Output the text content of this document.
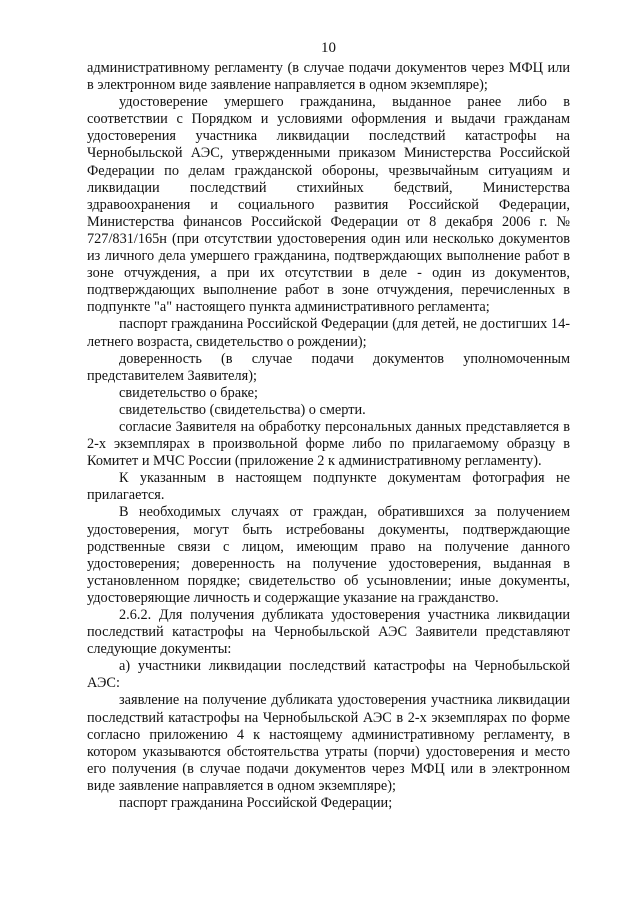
10

административному регламенту (в случае подачи документов через МФЦ или в электронном виде заявление направляется в одном экземпляре);

удостоверение умершего гражданина, выданное ранее либо в соответствии с Порядком и условиями оформления и выдачи гражданам удостоверения участника ликвидации последствий катастрофы на Чернобыльской АЭС, утвержденными приказом Министерства Российской Федерации по делам гражданской обороны, чрезвычайным ситуациям и ликвидации последствий стихийных бедствий, Министерства здравоохранения и социального развития Российской Федерации, Министерства финансов Российской Федерации от 8 декабря 2006 г. № 727/831/165н (при отсутствии удостоверения один или несколько документов из личного дела умершего гражданина, подтверждающих выполнение работ в зоне отчуждения, а при их отсутствии в деле - один из документов, подтверждающих выполнение работ в зоне отчуждения, перечисленных в подпункте "а" настоящего пункта административного регламента;

паспорт гражданина Российской Федерации (для детей, не достигших 14-летнего возраста, свидетельство о рождении);

доверенность (в случае подачи документов уполномоченным представителем Заявителя);

свидетельство о браке;

свидетельство (свидетельства) о смерти.

согласие Заявителя на обработку персональных данных представляется в 2-х экземплярах в произвольной форме либо по прилагаемому образцу в Комитет и МЧС России (приложение 2 к административному регламенту).

К указанным в настоящем подпункте документам фотография не прилагается.

В необходимых случаях от граждан, обратившихся за получением удостоверения, могут быть истребованы документы, подтверждающие родственные связи с лицом, имеющим право на получение данного удостоверения; доверенность на получение удостоверения, выданная в установленном порядке; свидетельство об усыновлении; иные документы, удостоверяющие личность и содержащие указание на гражданство.

2.6.2. Для получения дубликата удостоверения участника ликвидации последствий катастрофы на Чернобыльской АЭС Заявители представляют следующие документы:

а) участники ликвидации последствий катастрофы на Чернобыльской АЭС:

заявление на получение дубликата удостоверения участника ликвидации последствий катастрофы на Чернобыльской АЭС в 2-х экземплярах по форме согласно приложению 4 к настоящему административному регламенту, в котором указываются обстоятельства утраты (порчи) удостоверения и место его получения (в случае подачи документов через МФЦ или в электронном виде заявление направляется в одном экземпляре);

паспорт гражданина Российской Федерации;
